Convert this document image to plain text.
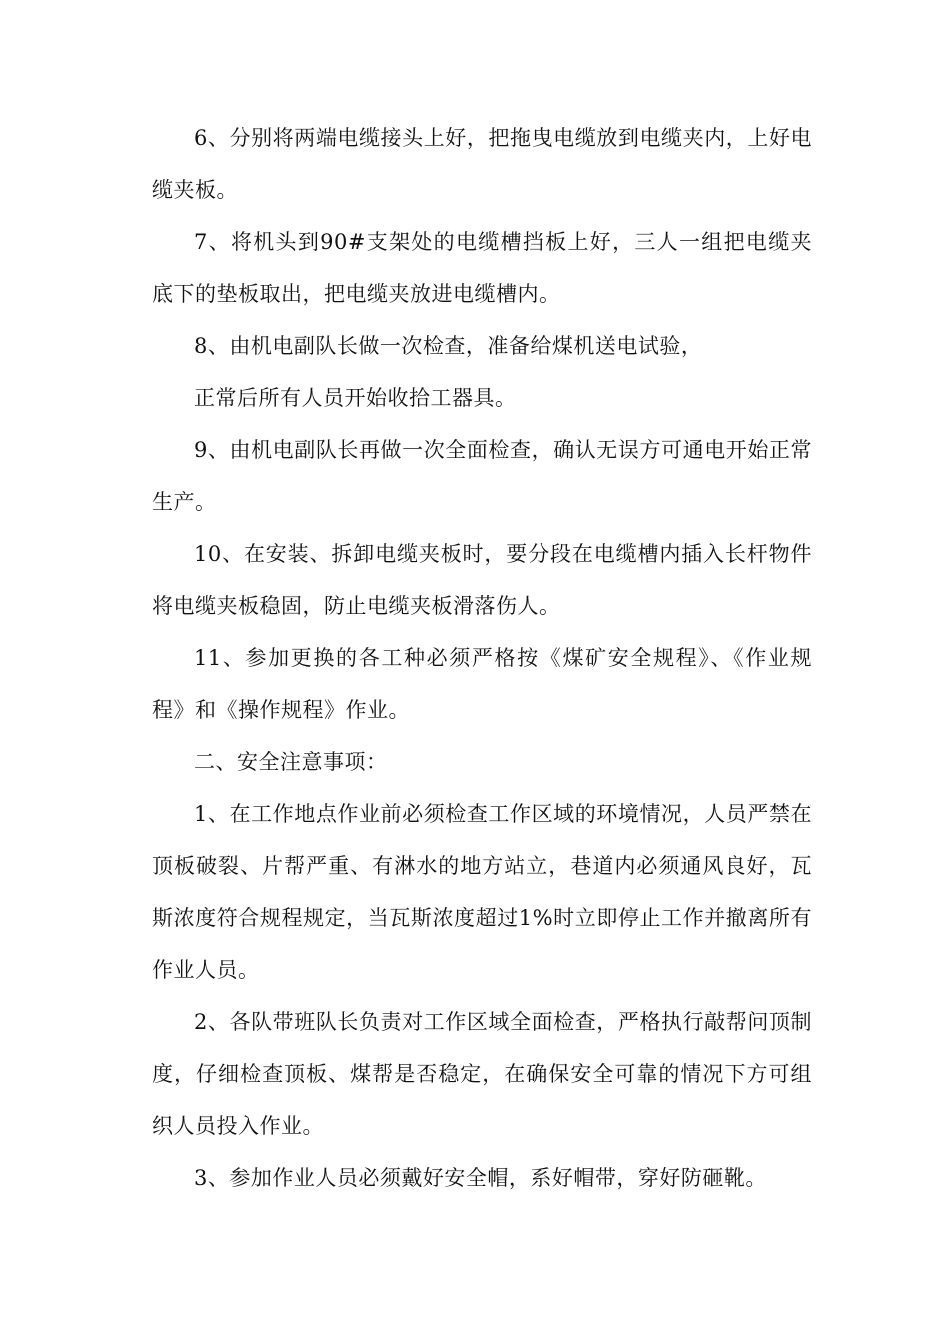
6、分别将两端电缆接头上好，把拖曳电缆放到电缆夹内，上好电缆夹板。

7、将机头到90#支架处的电缆槽挡板上好，三人一组把电缆夹底下的垫板取出，把电缆夹放进电缆槽内。

8、由机电副队长做一次检查，准备给煤机送电试验，

正常后所有人员开始收拾工器具。

9、由机电副队长再做一次全面检查，确认无误方可通电开始正常生产。

10、在安装、拆卸电缆夹板时，要分段在电缆槽内插入长杆物件将电缆夹板稳固，防止电缆夹板滑落伤人。

11、参加更换的各工种必须严格按《煤矿安全规程》、《作业规程》和《操作规程》作业。

二、安全注意事项：

1、在工作地点作业前必须检查工作区域的环境情况，人员严禁在顶板破裂、片帮严重、有淋水的地方站立，巷道内必须通风良好，瓦斯浓度符合规程规定，当瓦斯浓度超过1%时立即停止工作并撤离所有作业人员。

2、各队带班队长负责对工作区域全面检查，严格执行敲帮问顶制度，仔细检查顶板、煤帮是否稳定，在确保安全可靠的情况下方可组织人员投入作业。

3、参加作业人员必须戴好安全帽，系好帽带，穿好防砸靴。
